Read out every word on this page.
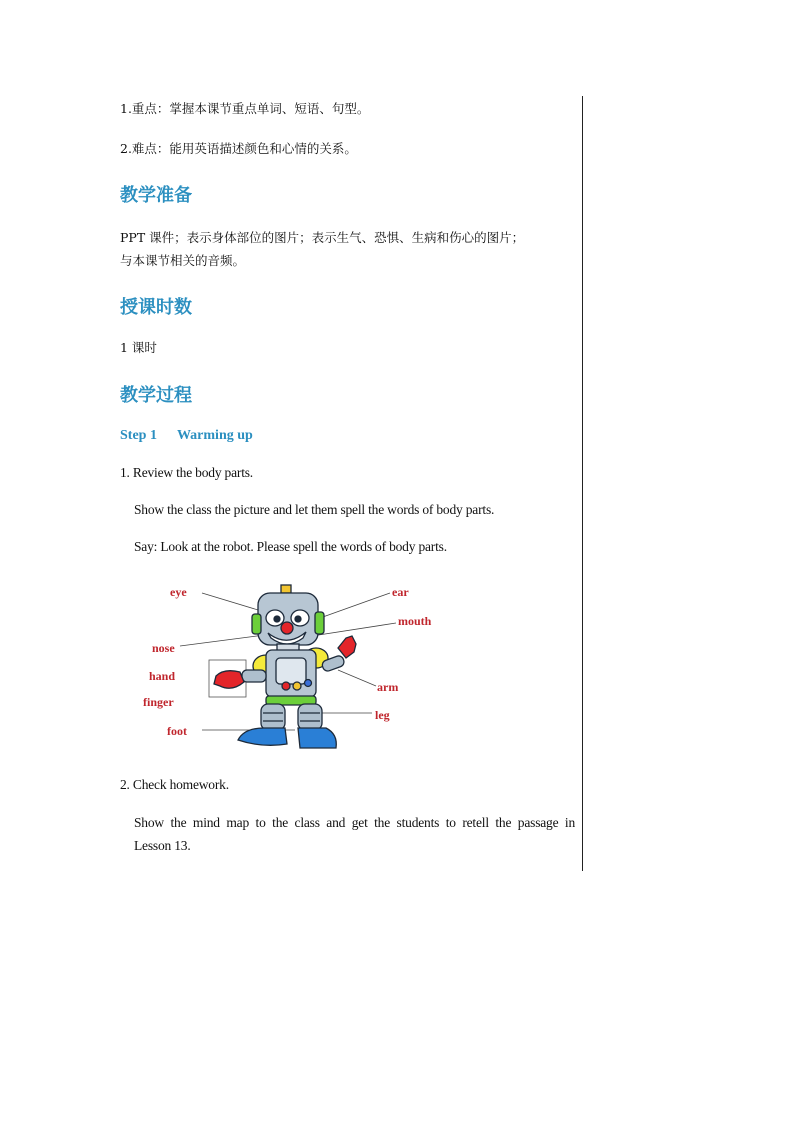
1.重点：掌握本课节重点单词、短语、句型。

2.难点：能用英语描述颜色和心情的关系。

教学准备

PPT 课件；表示身体部位的图片；表示生气、恐惧、生病和伤心的图片；

与本课节相关的音频。

授课时数

1 课时

教学过程

Step 1 Warming up

1. Review the body parts.

Show the class the picture and let them spell the words of body parts.

Say: Look at the robot. Please spell the words of body parts.

eye	ear
mouth
nose
hand
finger
arm
leg
foot

2. Check homework.

Show the mind map to the class and get the students to retell the passage in

Lesson 13.
